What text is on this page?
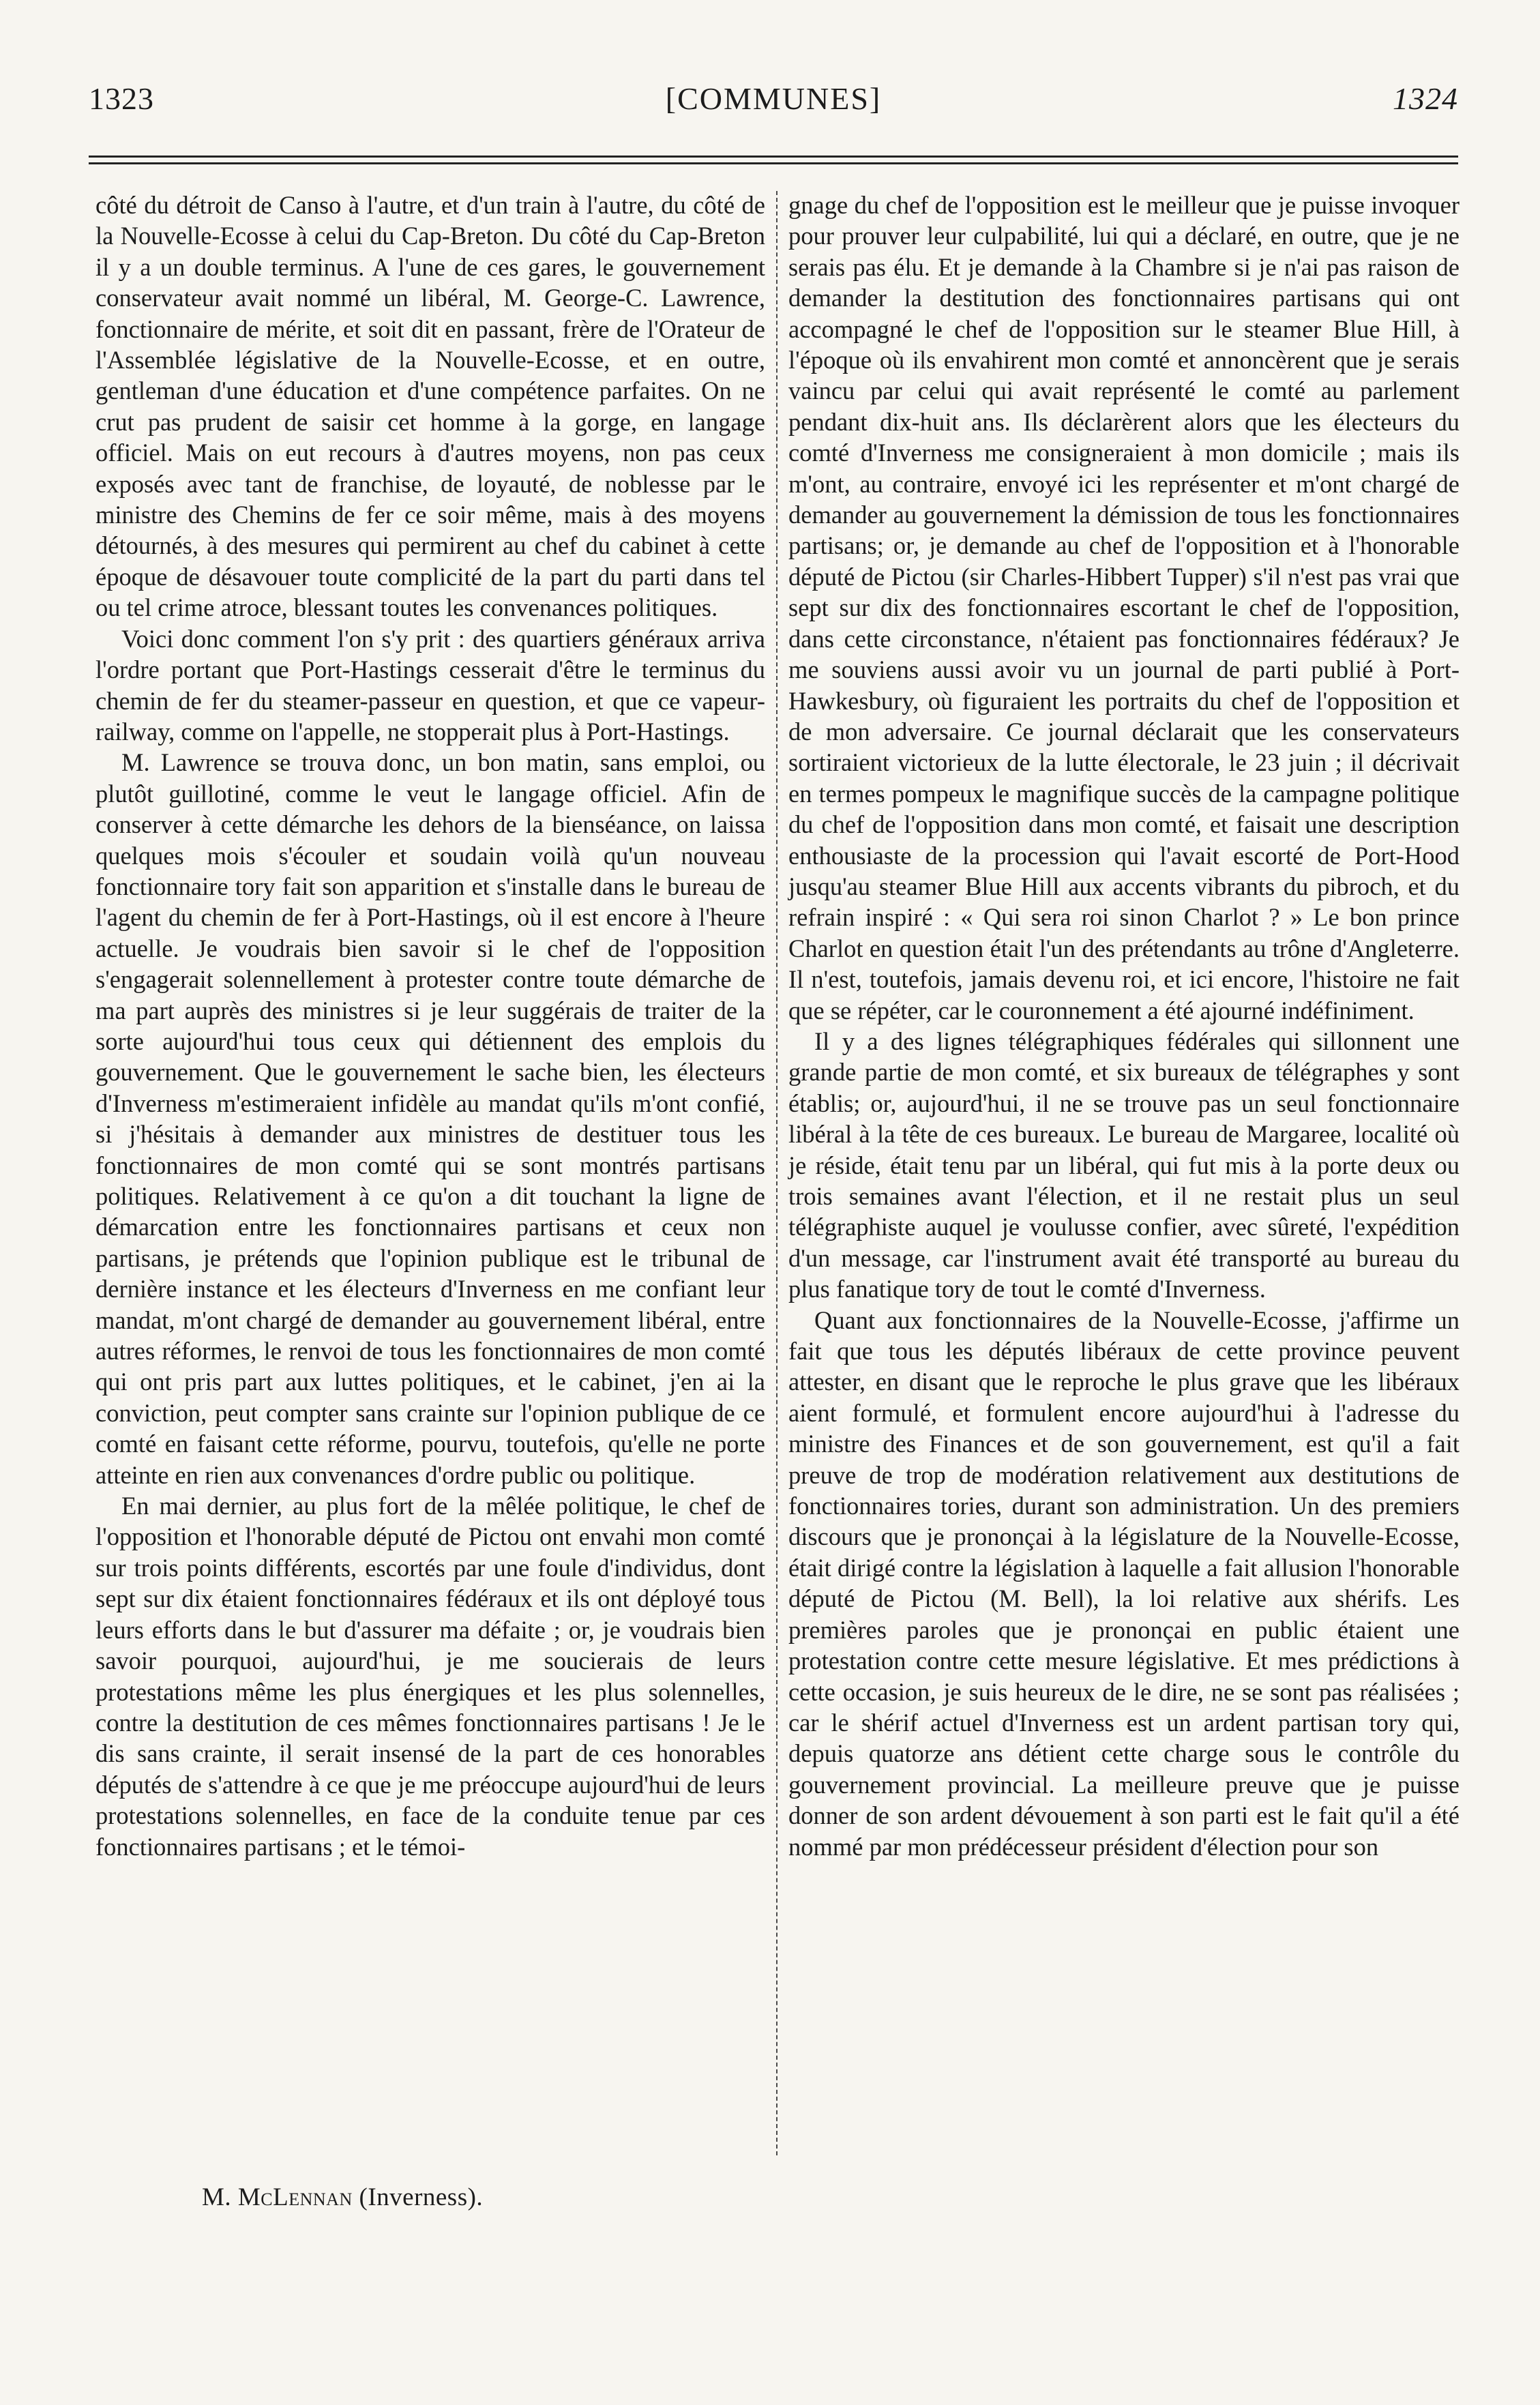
1323	[COMMUNES]	1324

côté du détroit de Canso à l'autre, et d'un train à l'autre, du côté de la Nouvelle-Ecosse à celui du Cap-Breton. Du côté du Cap-Breton il y a un double terminus. A l'une de ces gares, le gouvernement conservateur avait nommé un libéral, M. George-C. Lawrence, fonctionnaire de mérite, et soit dit en passant, frère de l'Orateur de l'Assemblée législative de la Nouvelle-Ecosse, et en outre, gentleman d'une éducation et d'une compétence parfaites. On ne crut pas prudent de saisir cet homme à la gorge, en langage officiel. Mais on eut recours à d'autres moyens, non pas ceux exposés avec tant de franchise, de loyauté, de noblesse par le ministre des Chemins de fer ce soir même, mais à des moyens détournés, à des mesures qui permirent au chef du cabinet à cette époque de désavouer toute complicité de la part du parti dans tel ou tel crime atroce, blessant toutes les convenances politiques.

Voici donc comment l'on s'y prit : des quartiers généraux arriva l'ordre portant que Port-Hastings cesserait d'être le terminus du chemin de fer du steamer-passeur en question, et que ce vapeur-railway, comme on l'appelle, ne stopperait plus à Port-Hastings.

M. Lawrence se trouva donc, un bon matin, sans emploi, ou plutôt guillotiné, comme le veut le langage officiel. Afin de conserver à cette démarche les dehors de la bienséance, on laissa quelques mois s'écouler et soudain voilà qu'un nouveau fonctionnaire tory fait son apparition et s'installe dans le bureau de l'agent du chemin de fer à Port-Hastings, où il est encore à l'heure actuelle. Je voudrais bien savoir si le chef de l'opposition s'engagerait solennellement à protester contre toute démarche de ma part auprès des ministres si je leur suggérais de traiter de la sorte aujourd'hui tous ceux qui détiennent des emplois du gouvernement. Que le gouvernement le sache bien, les électeurs d'Inverness m'estimeraient infidèle au mandat qu'ils m'ont confié, si j'hésitais à demander aux ministres de destituer tous les fonctionnaires de mon comté qui se sont montrés partisans politiques. Relativement à ce qu'on a dit touchant la ligne de démarcation entre les fonctionnaires partisans et ceux non partisans, je prétends que l'opinion publique est le tribunal de dernière instance et les électeurs d'Inverness en me confiant leur mandat, m'ont chargé de demander au gouvernement libéral, entre autres réformes, le renvoi de tous les fonctionnaires de mon comté qui ont pris part aux luttes politiques, et le cabinet, j'en ai la conviction, peut compter sans crainte sur l'opinion publique de ce comté en faisant cette réforme, pourvu, toutefois, qu'elle ne porte atteinte en rien aux convenances d'ordre public ou politique.

En mai dernier, au plus fort de la mêlée politique, le chef de l'opposition et l'honorable député de Pictou ont envahi mon comté sur trois points différents, escortés par une foule d'individus, dont sept sur dix étaient fonctionnaires fédéraux et ils ont déployé tous leurs efforts dans le but d'assurer ma défaite ; or, je voudrais bien savoir pourquoi, aujourd'hui, je me soucierais de leurs protestations même les plus énergiques et les plus solennelles, contre la destitution de ces mêmes fonctionnaires partisans ! Je le dis sans crainte, il serait insensé de la part de ces honorables députés de s'attendre à ce que je me préoccupe aujourd'hui de leurs protestations solennelles, en face de la conduite tenue par ces fonctionnaires partisans ; et le témoi-

gnage du chef de l'opposition est le meilleur que je puisse invoquer pour prouver leur culpabilité, lui qui a déclaré, en outre, que je ne serais pas élu. Et je demande à la Chambre si je n'ai pas raison de demander la destitution des fonctionnaires partisans qui ont accompagné le chef de l'opposition sur le steamer Blue Hill, à l'époque où ils envahirent mon comté et annoncèrent que je serais vaincu par celui qui avait représenté le comté au parlement pendant dix-huit ans. Ils déclarèrent alors que les électeurs du comté d'Inverness me consigneraient à mon domicile ; mais ils m'ont, au contraire, envoyé ici les représenter et m'ont chargé de demander au gouvernement la démission de tous les fonctionnaires partisans; or, je demande au chef de l'opposition et à l'honorable député de Pictou (sir Charles-Hibbert Tupper) s'il n'est pas vrai que sept sur dix des fonctionnaires escortant le chef de l'opposition, dans cette circonstance, n'étaient pas fonctionnaires fédéraux? Je me souviens aussi avoir vu un journal de parti publié à Port-Hawkesbury, où figuraient les portraits du chef de l'opposition et de mon adversaire. Ce journal déclarait que les conservateurs sortiraient victorieux de la lutte électorale, le 23 juin ; il décrivait en termes pompeux le magnifique succès de la campagne politique du chef de l'opposition dans mon comté, et faisait une description enthousiaste de la procession qui l'avait escorté de Port-Hood jusqu'au steamer Blue Hill aux accents vibrants du pibroch, et du refrain inspiré : « Qui sera roi sinon Charlot ? » Le bon prince Charlot en question était l'un des prétendants au trône d'Angleterre. Il n'est, toutefois, jamais devenu roi, et ici encore, l'histoire ne fait que se répéter, car le couronnement a été ajourné indéfiniment.

Il y a des lignes télégraphiques fédérales qui sillonnent une grande partie de mon comté, et six bureaux de télégraphes y sont établis; or, aujourd'hui, il ne se trouve pas un seul fonctionnaire libéral à la tête de ces bureaux. Le bureau de Margaree, localité où je réside, était tenu par un libéral, qui fut mis à la porte deux ou trois semaines avant l'élection, et il ne restait plus un seul télégraphiste auquel je voulusse confier, avec sûreté, l'expédition d'un message, car l'instrument avait été transporté au bureau du plus fanatique tory de tout le comté d'Inverness.

Quant aux fonctionnaires de la Nouvelle-Ecosse, j'affirme un fait que tous les députés libéraux de cette province peuvent attester, en disant que le reproche le plus grave que les libéraux aient formulé, et formulent encore aujourd'hui à l'adresse du ministre des Finances et de son gouvernement, est qu'il a fait preuve de trop de modération relativement aux destitutions de fonctionnaires tories, durant son administration. Un des premiers discours que je prononçai à la législature de la Nouvelle-Ecosse, était dirigé contre la législation à laquelle a fait allusion l'honorable député de Pictou (M. Bell), la loi relative aux shérifs. Les premières paroles que je prononçai en public étaient une protestation contre cette mesure législative. Et mes prédictions à cette occasion, je suis heureux de le dire, ne se sont pas réalisées ; car le shérif actuel d'Inverness est un ardent partisan tory qui, depuis quatorze ans détient cette charge sous le contrôle du gouvernement provincial. La meilleure preuve que je puisse donner de son ardent dévouement à son parti est le fait qu'il a été nommé par mon prédécesseur président d'élection pour son

M. McLennan (Inverness).
